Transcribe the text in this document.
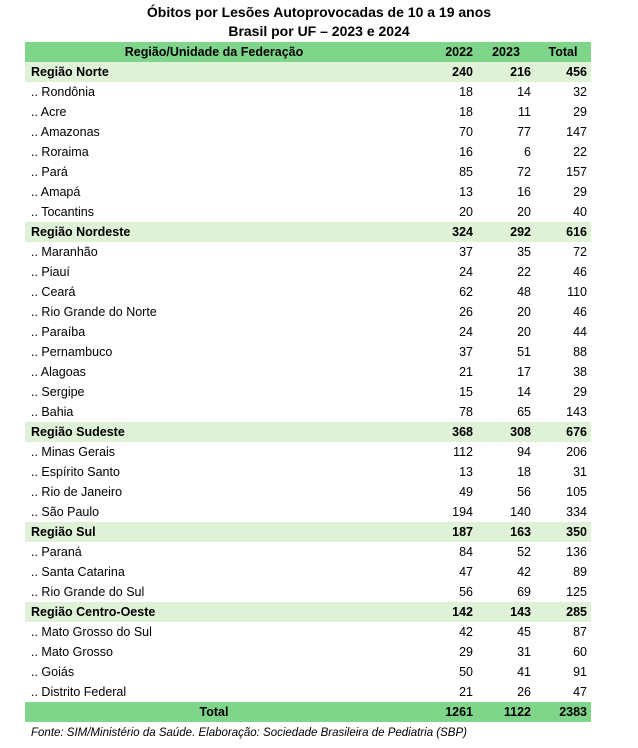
Óbitos por Lesões Autoprovocadas de 10 a 19 anos
Brasil por UF – 2023 e 2024
Região/Unidade da Federação	2022	2023	Total
Região Norte	240	216	456
.. Rondônia	18	14	32
.. Acre	18	11	29
.. Amazonas	70	77	147
.. Roraima	16	6	22
.. Pará	85	72	157
.. Amapá	13	16	29
.. Tocantins	20	20	40
Região Nordeste	324	292	616
.. Maranhão	37	35	72
.. Piauí	24	22	46
.. Ceará	62	48	110
.. Rio Grande do Norte	26	20	46
.. Paraíba	24	20	44
.. Pernambuco	37	51	88
.. Alagoas	21	17	38
.. Sergipe	15	14	29
.. Bahia	78	65	143
Região Sudeste	368	308	676
.. Minas Gerais	112	94	206
.. Espírito Santo	13	18	31
.. Rio de Janeiro	49	56	105
.. São Paulo	194	140	334
Região Sul	187	163	350
.. Paraná	84	52	136
.. Santa Catarina	47	42	89
.. Rio Grande do Sul	56	69	125
Região Centro-Oeste	142	143	285
.. Mato Grosso do Sul	42	45	87
.. Mato Grosso	29	31	60
.. Goiás	50	41	91
.. Distrito Federal	21	26	47
Total	1261	1122	2383
Fonte: SIM/Ministério da Saúde. Elaboração: Sociedade Brasileira de Pediatria (SBP)
